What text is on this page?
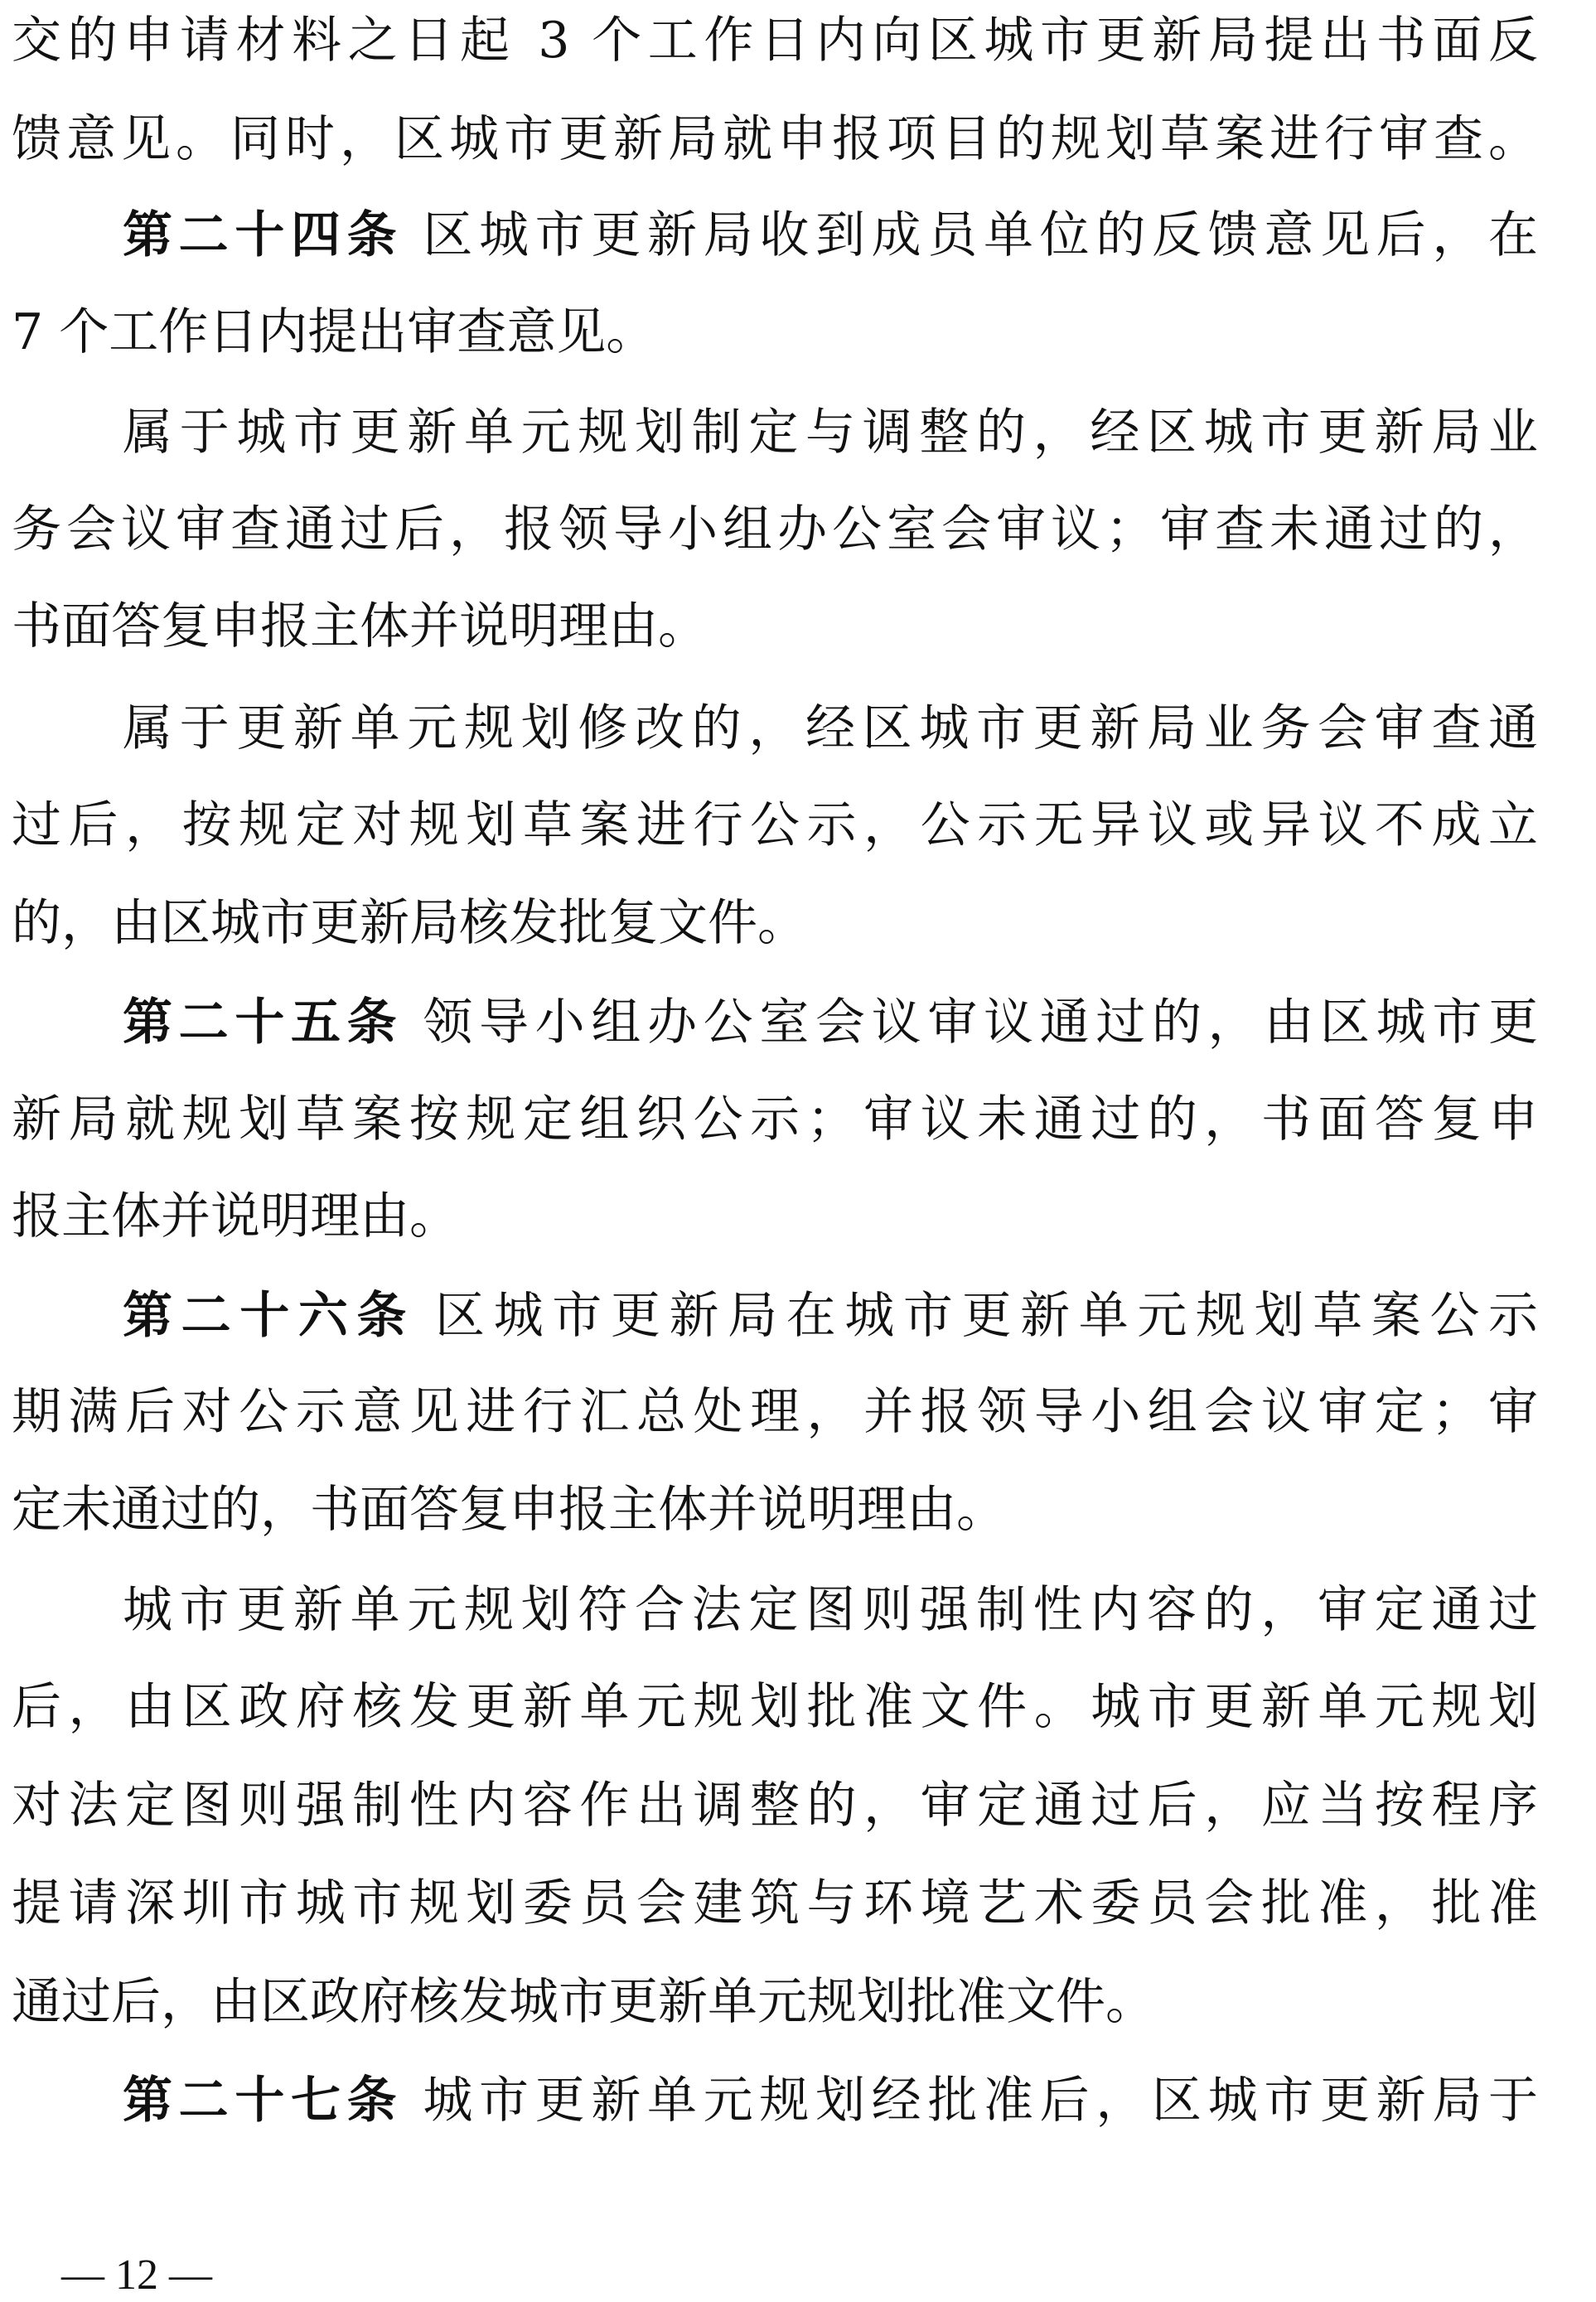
交的申请材料之日起 3 个工作日内向区城市更新局提出书面反
馈意见。同时，区城市更新局就申报项目的规划草案进行审查。
第二十四条 区城市更新局收到成员单位的反馈意见后，在
7 个工作日内提出审查意见。
属于城市更新单元规划制定与调整的，经区城市更新局业
务会议审查通过后，报领导小组办公室会审议；审查未通过的，
书面答复申报主体并说明理由。
属于更新单元规划修改的，经区城市更新局业务会审查通
过后，按规定对规划草案进行公示，公示无异议或异议不成立
的，由区城市更新局核发批复文件。
第二十五条 领导小组办公室会议审议通过的，由区城市更
新局就规划草案按规定组织公示；审议未通过的，书面答复申
报主体并说明理由。
第二十六条 区城市更新局在城市更新单元规划草案公示
期满后对公示意见进行汇总处理，并报领导小组会议审定；审
定未通过的，书面答复申报主体并说明理由。
城市更新单元规划符合法定图则强制性内容的，审定通过
后，由区政府核发更新单元规划批准文件。城市更新单元规划
对法定图则强制性内容作出调整的，审定通过后，应当按程序
提请深圳市城市规划委员会建筑与环境艺术委员会批准，批准
通过后，由区政府核发城市更新单元规划批准文件。
第二十七条 城市更新单元规划经批准后，区城市更新局于
— 12 —
